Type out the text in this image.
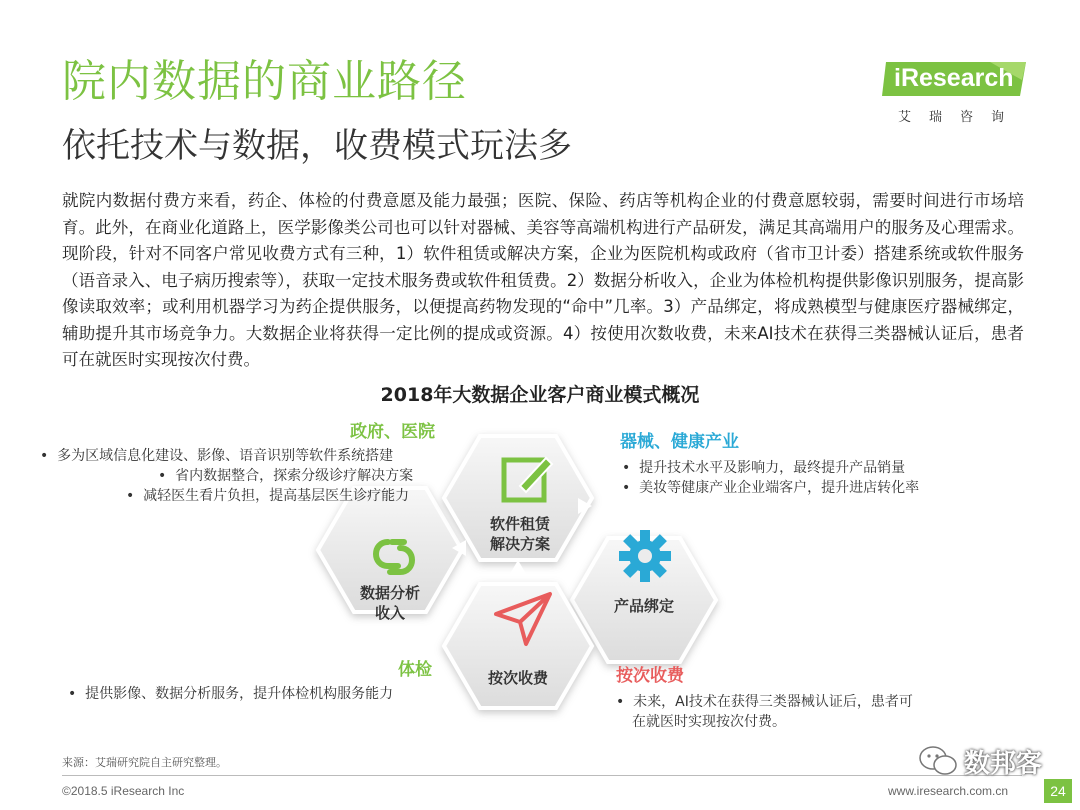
院内数据的商业路径
依托技术与数据，收费模式玩法多
iResearch
艾瑞咨询
就院内数据付费方来看，药企、体检的付费意愿及能力最强；医院、保险、药店等机构企业的付费意愿较弱，需要时间进行市场培育。此外，在商业化道路上，医学影像类公司也可以针对器械、美容等高端机构进行产品研发，满足其高端用户的服务及心理需求。现阶段，针对不同客户常见收费方式有三种，1）软件租赁或解决方案，企业为医院机构或政府（省市卫计委）搭建系统或软件服务（语音录入、电子病历搜索等），获取一定技术服务费或软件租赁费。2）数据分析收入，企业为体检机构提供影像识别服务，提高影像读取效率；或利用机器学习为药企提供服务，以便提高药物发现的“命中”几率。3）产品绑定，将成熟模型与健康医疗器械绑定，辅助提升其市场竞争力。大数据企业将获得一定比例的提成或资源。4）按使用次数收费，未来AI技术在获得三类器械认证后，患者可在就医时实现按次付费。
2018年大数据企业客户商业模式概况
软件租赁
解决方案
数据分析
收入	产品绑定
按次收费
政府、医院
•  多为区域信息化建设、影像、语音识别等软件系统搭建
•  省内数据整合，探索分级诊疗解决方案
•  减轻医生看片负担，提高基层医生诊疗能力
器械、健康产业
•  提升技术水平及影响力，最终提升产品销量
•  美妆等健康产业企业端客户，提升进店转化率
体检
•  提供影像、数据分析服务，提升体检机构服务能力
按次收费
•  未来，AI技术在获得三类器械认证后，患者可
在就医时实现按次付费。
来源：艾瑞研究院自主研究整理。
©2018.5 iResearch Inc	www.iresearch.com.cn	24
数邦客
